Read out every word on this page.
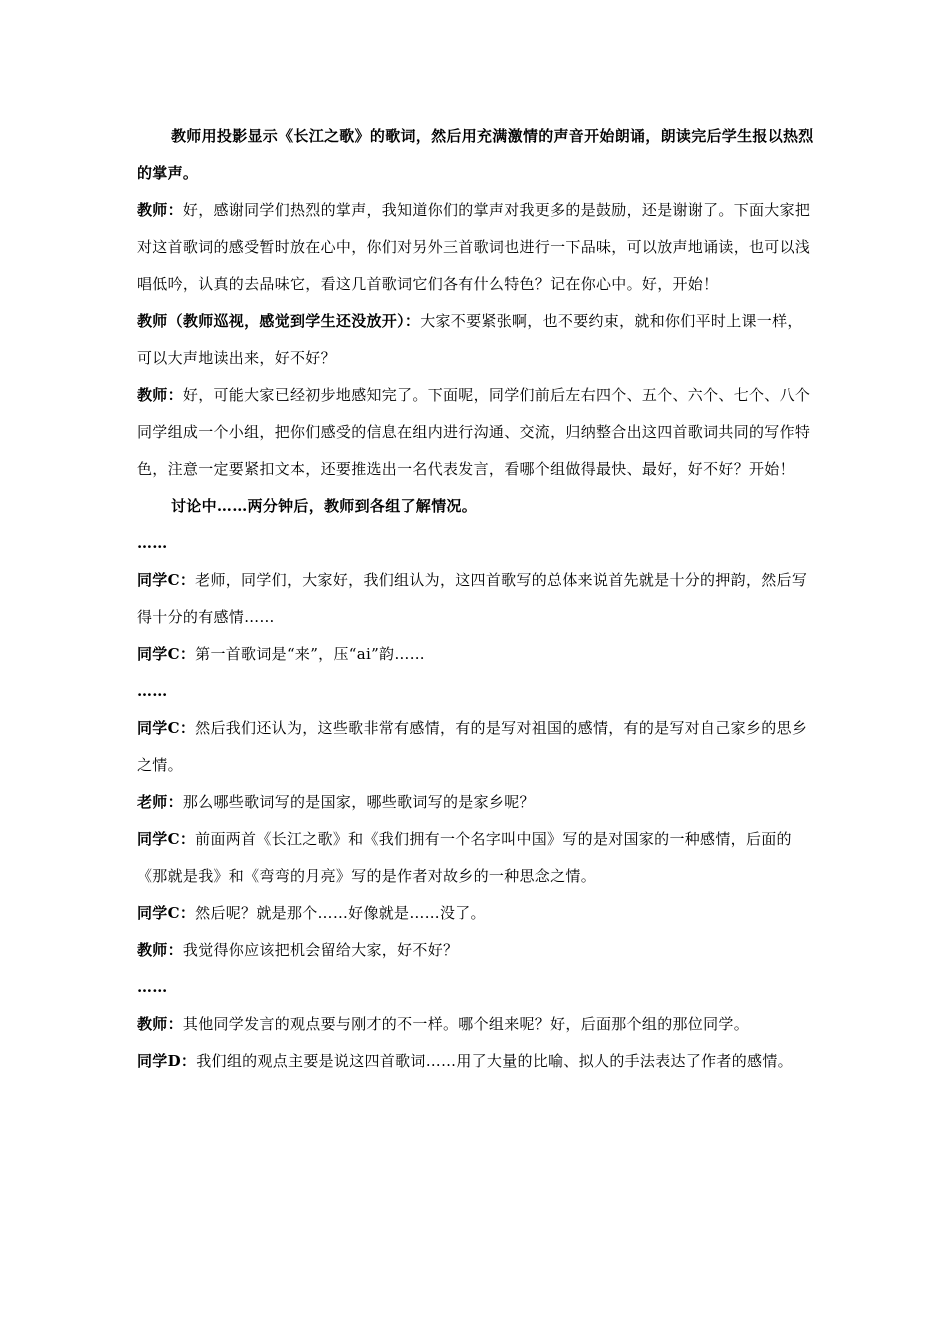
教师用投影显示《长江之歌》的歌词，然后用充满激情的声音开始朗诵，朗读完后学生报以热烈的掌声。

教师：好，感谢同学们热烈的掌声，我知道你们的掌声对我更多的是鼓励，还是谢谢了。下面大家把对这首歌词的感受暂时放在心中，你们对另外三首歌词也进行一下品味，可以放声地诵读，也可以浅唱低吟，认真的去品味它，看这几首歌词它们各有什么特色？记在你心中。好，开始！

教师（教师巡视，感觉到学生还没放开）：大家不要紧张啊，也不要约束，就和你们平时上课一样，可以大声地读出来，好不好？

教师：好，可能大家已经初步地感知完了。下面呢，同学们前后左右四个、五个、六个、七个、八个同学组成一个小组，把你们感受的信息在组内进行沟通、交流，归纳整合出这四首歌词共同的写作特色，注意一定要紧扣文本，还要推选出一名代表发言，看哪个组做得最快、最好，好不好？开始！

讨论中……两分钟后，教师到各组了解情况。

……

同学C：老师，同学们，大家好，我们组认为，这四首歌写的总体来说首先就是十分的押韵，然后写得十分的有感情……

同学C：第一首歌词是“来”，压“ai”韵……

……

同学C：然后我们还认为，这些歌非常有感情，有的是写对祖国的感情，有的是写对自己家乡的思乡之情。

老师：那么哪些歌词写的是国家，哪些歌词写的是家乡呢？

同学C：前面两首《长江之歌》和《我们拥有一个名字叫中国》写的是对国家的一种感情，后面的《那就是我》和《弯弯的月亮》写的是作者对故乡的一种思念之情。

同学C：然后呢？就是那个……好像就是……没了。

教师：我觉得你应该把机会留给大家，好不好？

……

教师：其他同学发言的观点要与刚才的不一样。哪个组来呢？好，后面那个组的那位同学。

同学D：我们组的观点主要是说这四首歌词……用了大量的比喻、拟人的手法表达了作者的感情。
